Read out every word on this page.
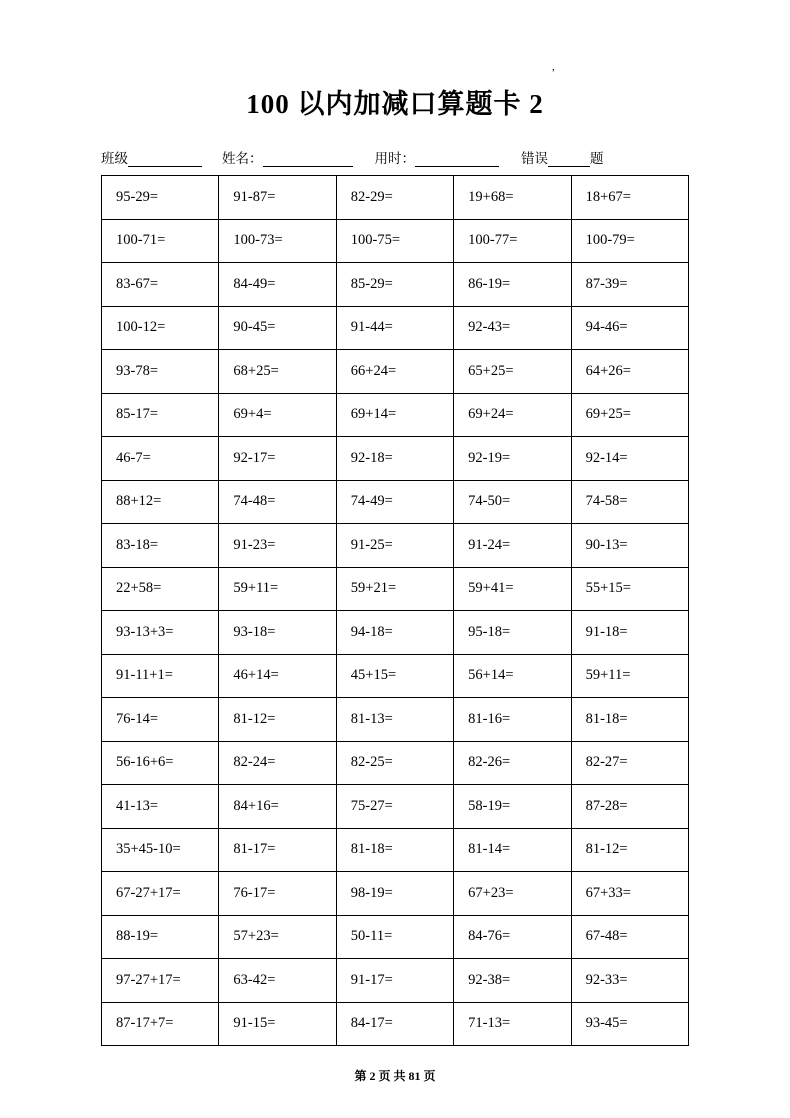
,
100 以内加减口算题卡 2
班级	姓名：	用时：	错误	题
95-29=	91-87=	82-29=	19+68=	18+67=
100-71=	100-73=	100-75=	100-77=	100-79=
83-67=	84-49=	85-29=	86-19=	87-39=
100-12=	90-45=	91-44=	92-43=	94-46=
93-78=	68+25=	66+24=	65+25=	64+26=
85-17=	69+4=	69+14=	69+24=	69+25=
46-7=	92-17=	92-18=	92-19=	92-14=
88+12=	74-48=	74-49=	74-50=	74-58=
83-18=	91-23=	91-25=	91-24=	90-13=
22+58=	59+11=	59+21=	59+41=	55+15=
93-13+3=	93-18=	94-18=	95-18=	91-18=
91-11+1=	46+14=	45+15=	56+14=	59+11=
76-14=	81-12=	81-13=	81-16=	81-18=
56-16+6=	82-24=	82-25=	82-26=	82-27=
41-13=	84+16=	75-27=	58-19=	87-28=
35+45-10=	81-17=	81-18=	81-14=	81-12=
67-27+17=	76-17=	98-19=	67+23=	67+33=
88-19=	57+23=	50-11=	84-76=	67-48=
97-27+17=	63-42=	91-17=	92-38=	92-33=
87-17+7=	91-15=	84-17=	71-13=	93-45=
第 2 页 共 81 页
